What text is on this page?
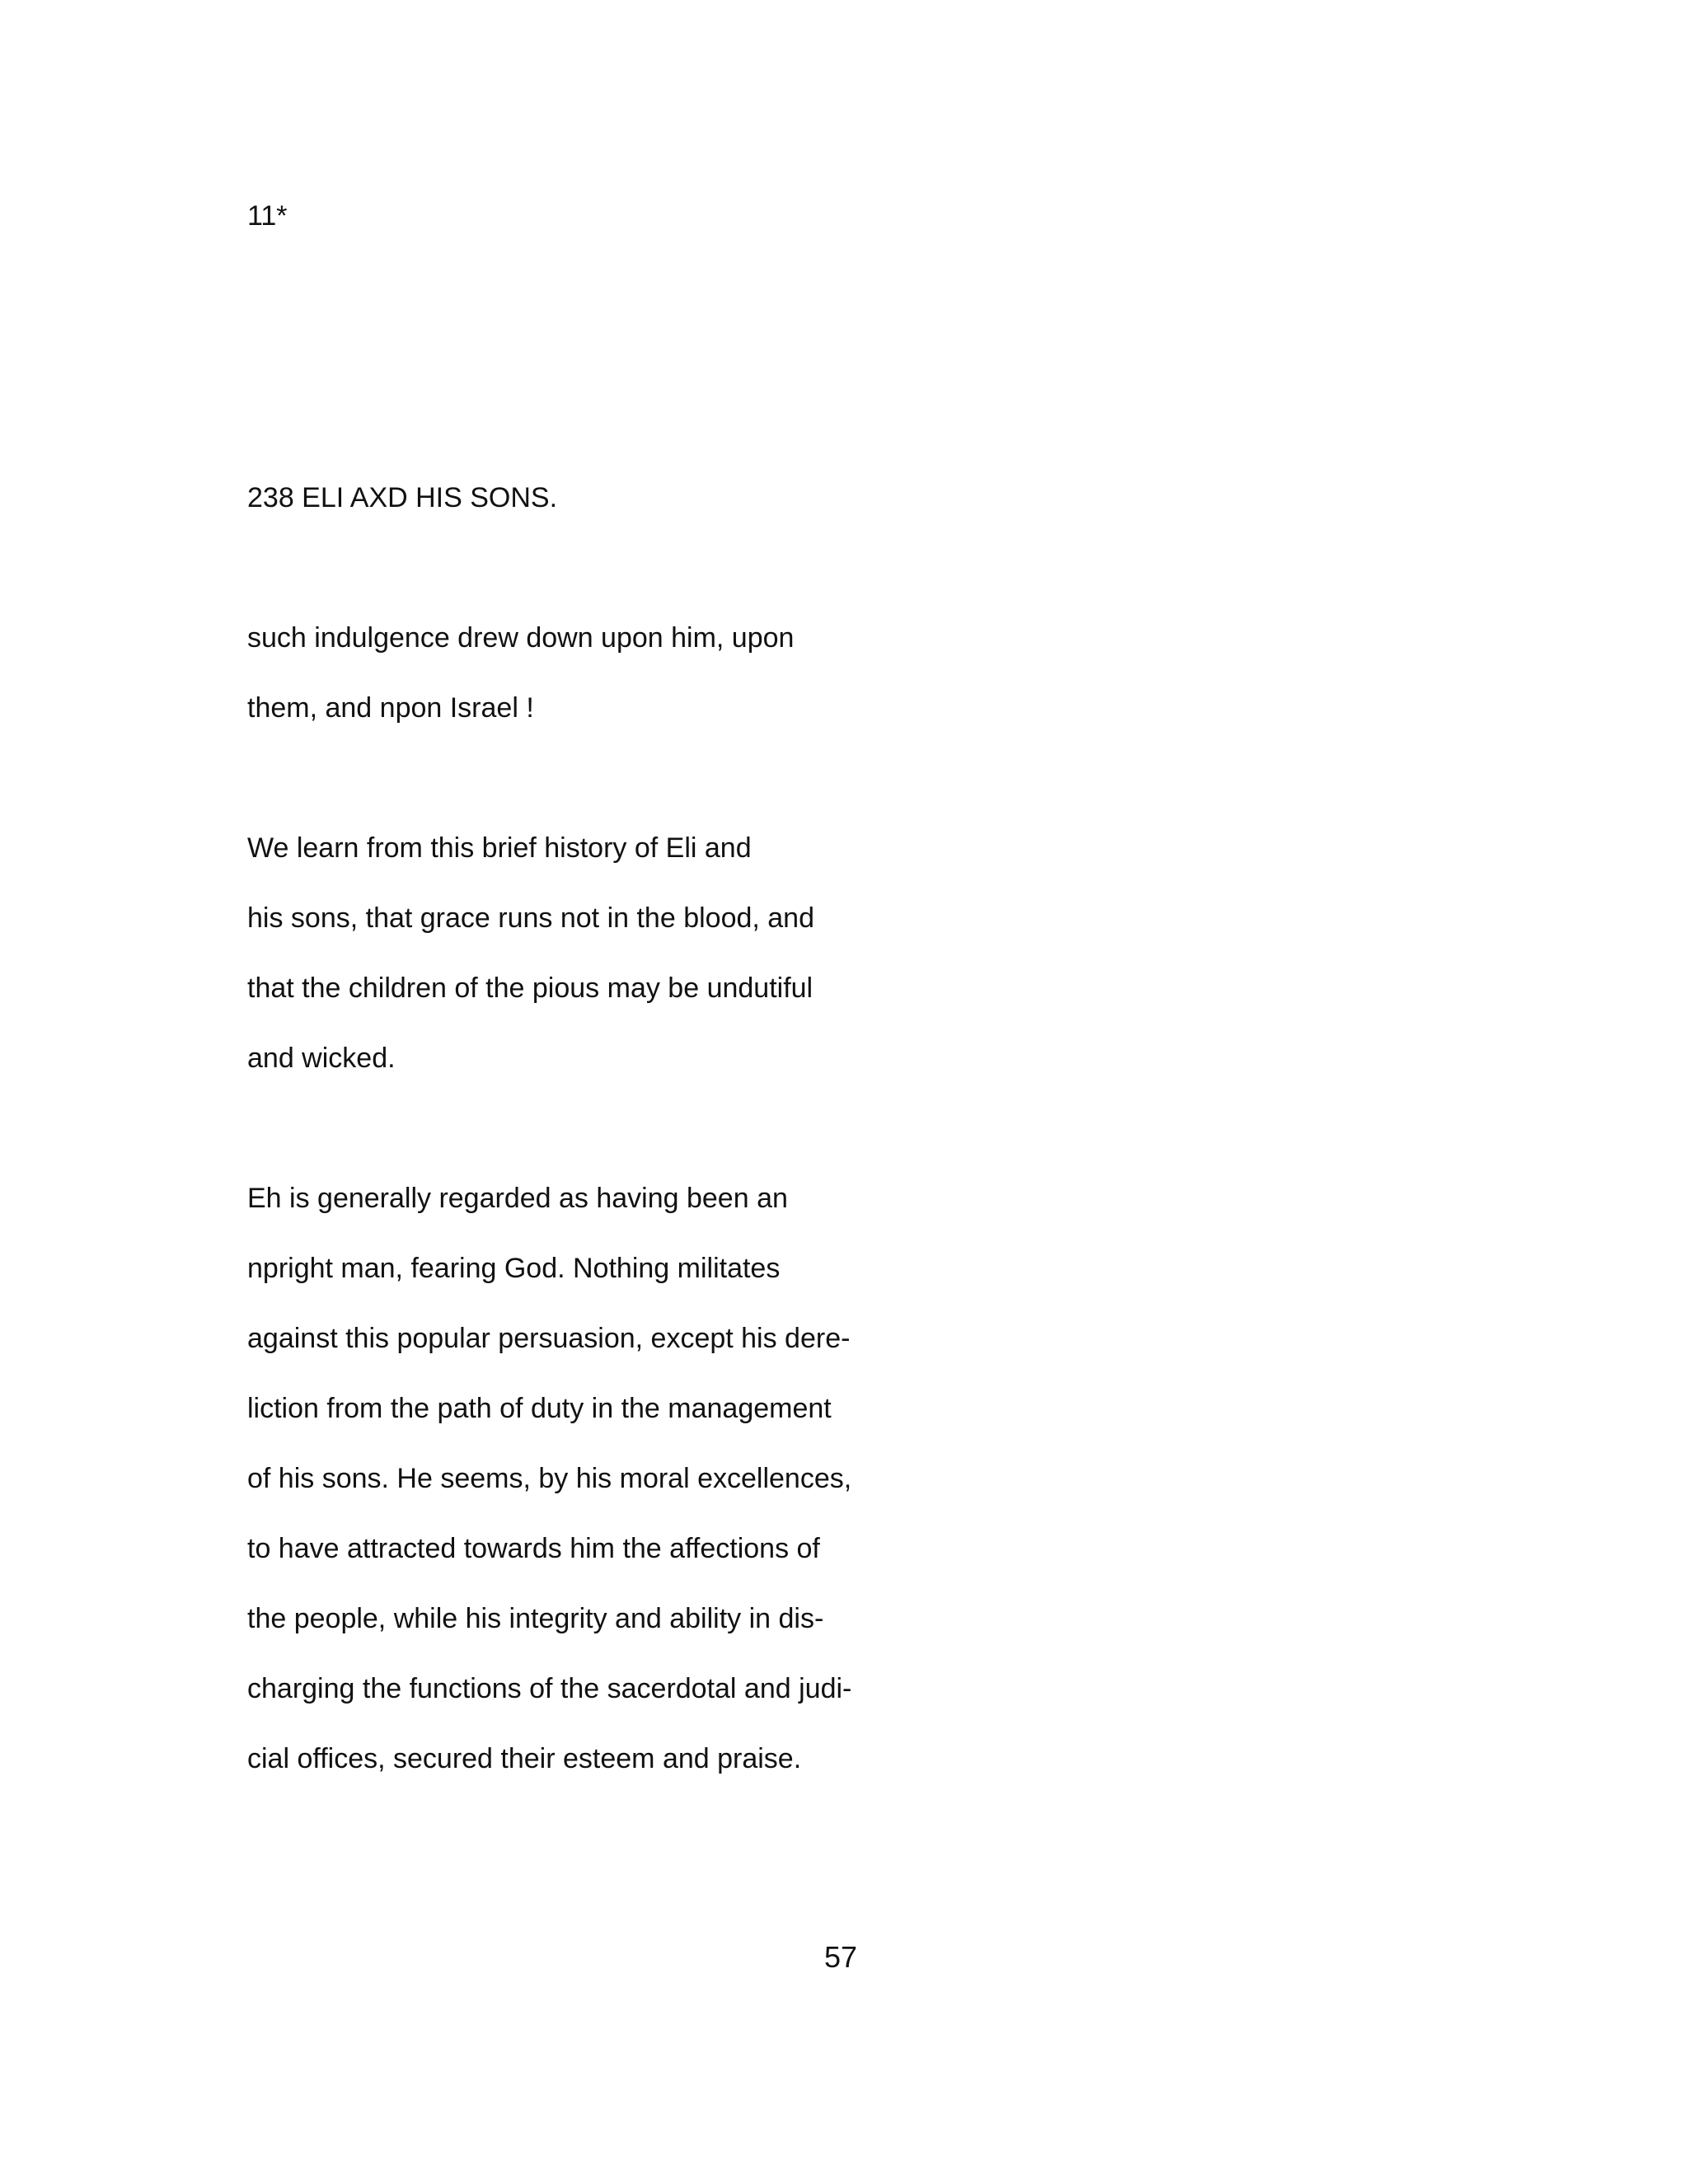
11*
238 ELI AXD HIS SONS.
such indulgence drew down upon him, upon
them, and npon Israel !
We learn from this brief history of Eli and
his sons, that grace runs not in the blood, and
that the children of the pious may be undutiful
and wicked.
Eh is generally regarded as having been an
npright man, fearing God. Nothing militates
against this popular persuasion, except his dere-
liction from the path of duty in the management
of his sons. He seems, by his moral excellences,
to have attracted towards him the affections of
the people, while his integrity and ability in dis-
charging the functions of the sacerdotal and judi-
cial offices, secured their esteem and praise.
57
